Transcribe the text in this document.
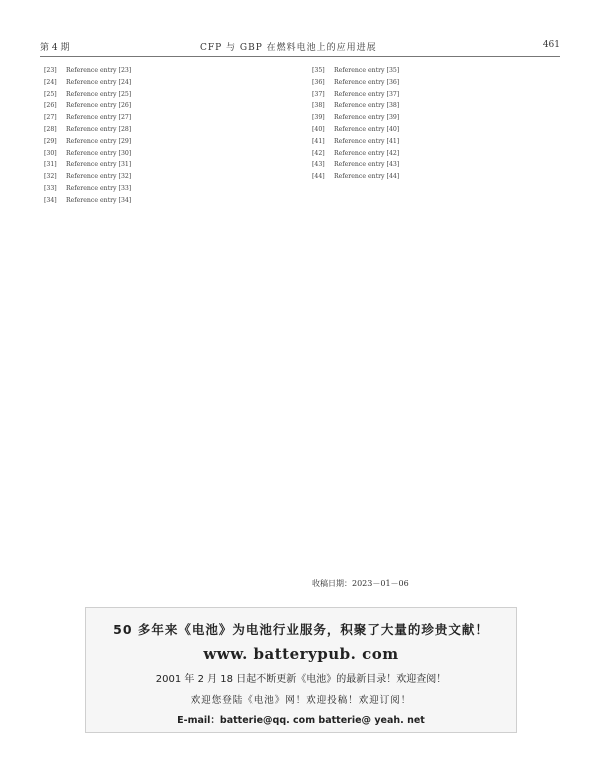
第 4 期	CFP 与 GBP 在燃料电池上的应用进展	461
[23] Reference entry [23]
[24] Reference entry [24]
[25] Reference entry [25]
[26] Reference entry [26]
[27] Reference entry [27]
[28] Reference entry [28]
[29] Reference entry [29]
[30] Reference entry [30]
[31] Reference entry [31]
[32] Reference entry [32]
[33] Reference entry [33]
[34] Reference entry [34]
[35] Reference entry [35]
[36] Reference entry [36]
[37] Reference entry [37]
[38] Reference entry [38]
[39] Reference entry [39]
[40] Reference entry [40]
[41] Reference entry [41]
[42] Reference entry [42]
[43] Reference entry [43]
[44] Reference entry [44]
收稿日期：2023－01－06
50 多年来《电池》为电池行业服务，积聚了大量的珍贵文献！
www. batterypub. com
2001 年 2 月 18 日起不断更新《电池》的最新目录！欢迎查阅！
欢迎您登陆《电池》网！欢迎投稿！欢迎订阅！
E-mail：batterie@qq. com batterie@ yeah. net
